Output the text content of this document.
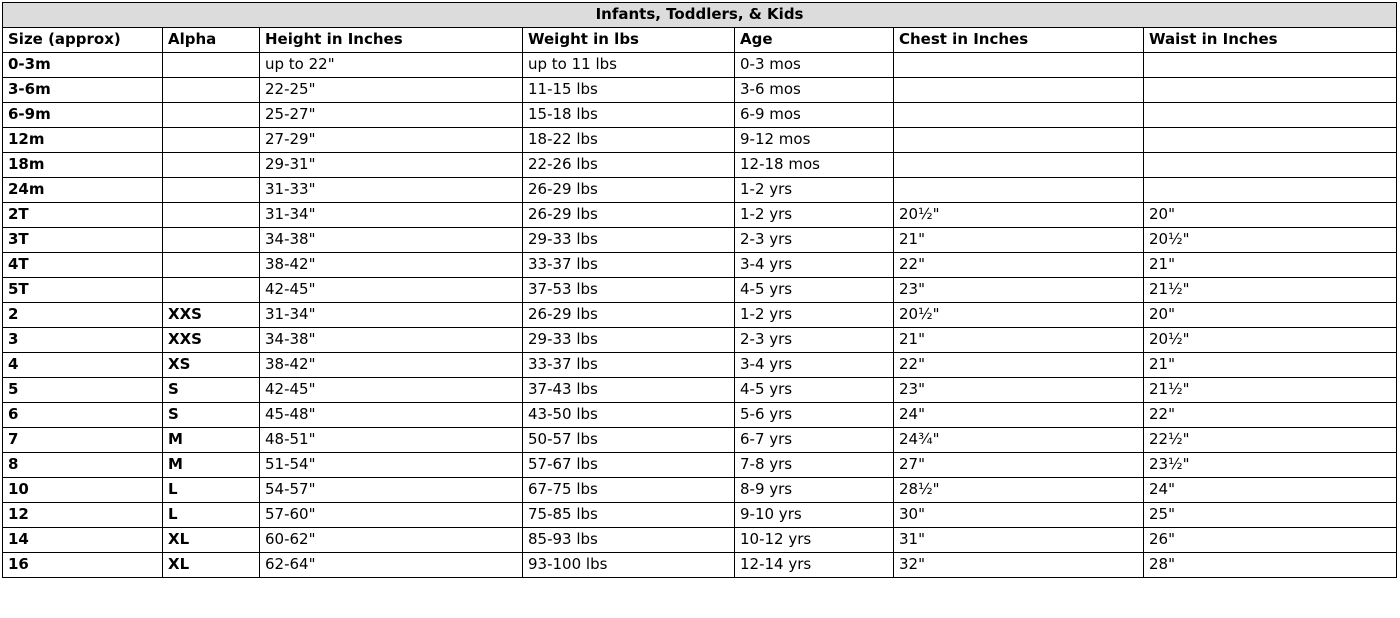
Infants, Toddlers, & Kids						
Size (approx)	Alpha	Height in Inches	Weight in lbs	Age	Chest in Inches	Waist in Inches
0-3m		up to 22"	up to 11 lbs	0-3 mos		
3-6m		22-25"	11-15 lbs	3-6 mos		
6-9m		25-27"	15-18 lbs	6-9 mos		
12m		27-29"	18-22 lbs	9-12 mos		
18m		29-31"	22-26 lbs	12-18 mos		
24m		31-33"	26-29 lbs	1-2 yrs		
2T		31-34"	26-29 lbs	1-2 yrs	20½"	20"
3T		34-38"	29-33 lbs	2-3 yrs	21"	20½"
4T		38-42"	33-37 lbs	3-4 yrs	22"	21"
5T		42-45"	37-53 lbs	4-5 yrs	23"	21½"
2	XXS	31-34"	26-29 lbs	1-2 yrs	20½"	20"
3	XXS	34-38"	29-33 lbs	2-3 yrs	21"	20½"
4	XS	38-42"	33-37 lbs	3-4 yrs	22"	21"
5	S	42-45"	37-43 lbs	4-5 yrs	23"	21½"
6	S	45-48"	43-50 lbs	5-6 yrs	24"	22"
7	M	48-51"	50-57 lbs	6-7 yrs	24¾"	22½"
8	M	51-54"	57-67 lbs	7-8 yrs	27"	23½"
10	L	54-57"	67-75 lbs	8-9 yrs	28½"	24"
12	L	57-60"	75-85 lbs	9-10 yrs	30"	25"
14	XL	60-62"	85-93 lbs	10-12 yrs	31"	26"
16	XL	62-64"	93-100 lbs	12-14 yrs	32"	28"
